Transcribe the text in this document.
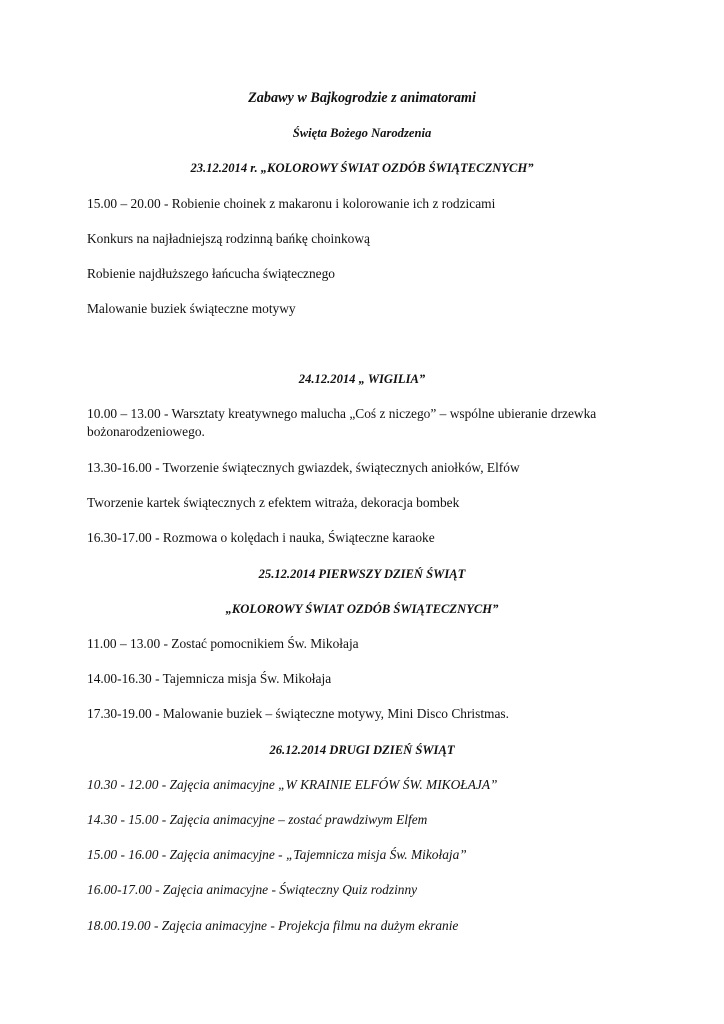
Zabawy w Bajkogrodzie z animatorami
Święta Bożego Narodzenia
23.12.2014 r. „KOLOROWY ŚWIAT OZDÓB ŚWIĄTECZNYCH”
15.00 – 20.00 - Robienie choinek z makaronu i kolorowanie ich z rodzicami
Konkurs na najładniejszą rodzinną bańkę choinkową
Robienie najdłuższego łańcucha świątecznego
Malowanie buziek świąteczne motywy
24.12.2014 „ WIGILIA”
10.00 – 13.00 - Warsztaty kreatywnego malucha „Coś z niczego” – wspólne ubieranie drzewka bożonarodzeniowego.
13.30-16.00 - Tworzenie świątecznych gwiazdek, świątecznych aniołków, Elfów
Tworzenie kartek świątecznych z efektem witraża, dekoracja bombek
16.30-17.00 - Rozmowa o kolędach i nauka, Świąteczne karaoke
25.12.2014 PIERWSZY DZIEŃ ŚWIĄT
„KOLOROWY ŚWIAT OZDÓB ŚWIĄTECZNYCH”
11.00 – 13.00 - Zostać pomocnikiem Św. Mikołaja
14.00-16.30 - Tajemnicza misja Św. Mikołaja
17.30-19.00 - Malowanie buziek – świąteczne motywy, Mini Disco Christmas.
26.12.2014 DRUGI DZIEŃ ŚWIĄT
10.30 - 12.00 - Zajęcia animacyjne „W KRAINIE ELFÓW ŚW. MIKOŁAJA”
14.30 - 15.00 - Zajęcia animacyjne – zostać prawdziwym Elfem
15.00 - 16.00 - Zajęcia animacyjne - „Tajemnicza misja Św. Mikołaja”
16.00-17.00 - Zajęcia animacyjne - Świąteczny Quiz rodzinny
18.00.19.00 - Zajęcia animacyjne - Projekcja filmu na dużym ekranie
